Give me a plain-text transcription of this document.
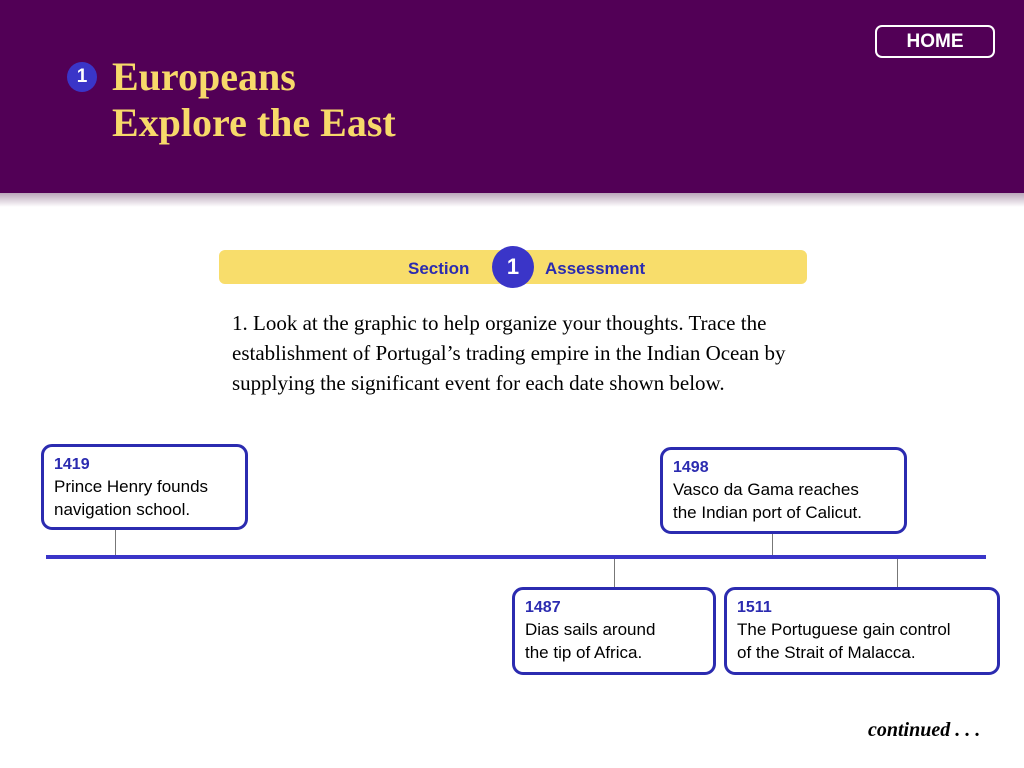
HOME
1 Europeans
Explore the East
Section	1	Assessment

1. Look at the graphic to help organize your thoughts. Trace the establishment of Portugal’s trading empire in the Indian Ocean by supplying the significant event for each date shown below.

1419
Prince Henry founds
navigation school.
1487
Dias sails around
the tip of Africa.
1498
Vasco da Gama reaches
the Indian port of Calicut.
1511
The Portuguese gain control
of the Strait of Malacca.
continued . . .
